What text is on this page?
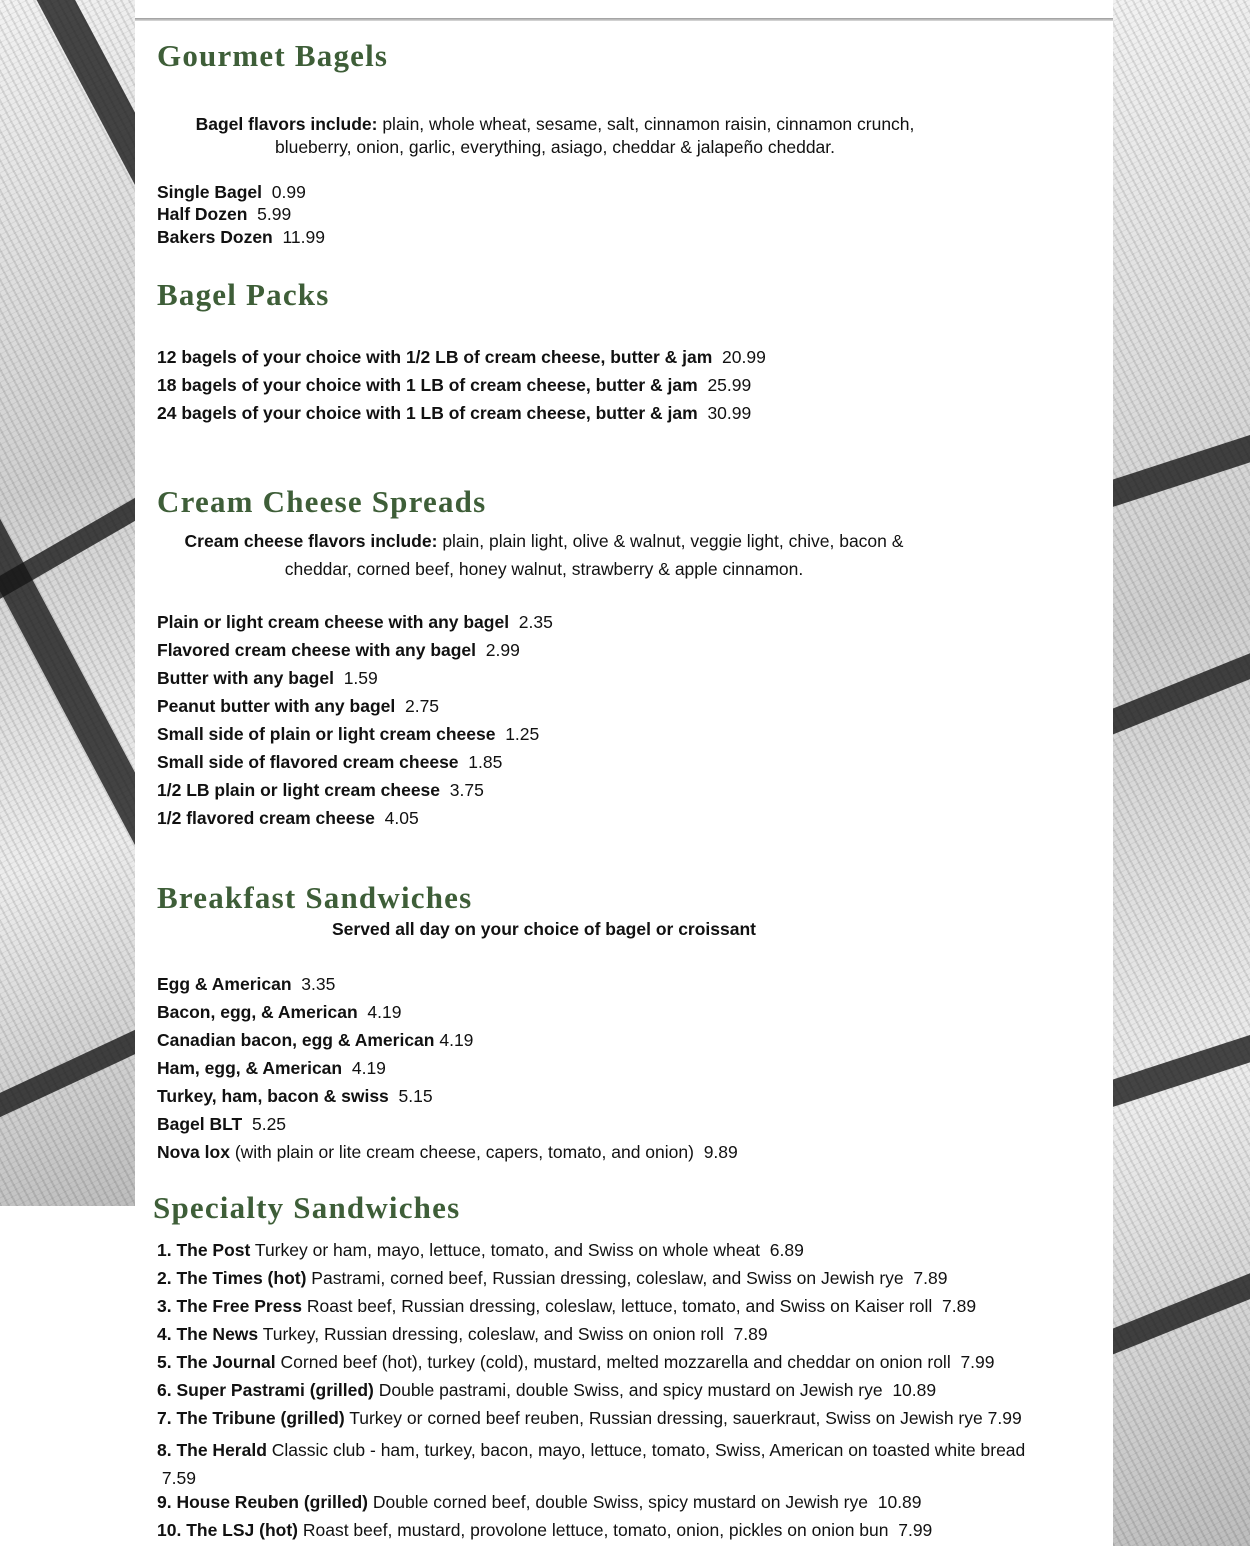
Gourmet Bagels
Bagel flavors include: plain, whole wheat, sesame, salt, cinnamon raisin, cinnamon crunch,
blueberry, onion, garlic, everything, asiago, cheddar & jalapeño cheddar.
Single Bagel 0.99
Half Dozen 5.99
Bakers Dozen 11.99
Bagel Packs
12 bagels of your choice with 1/2 LB of cream cheese, butter & jam 20.99
18 bagels of your choice with 1 LB of cream cheese, butter & jam 25.99
24 bagels of your choice with 1 LB of cream cheese, butter & jam 30.99
Cream Cheese Spreads
Cream cheese flavors include: plain, plain light, olive & walnut, veggie light, chive, bacon &
cheddar, corned beef, honey walnut, strawberry & apple cinnamon.
Plain or light cream cheese with any bagel 2.35
Flavored cream cheese with any bagel 2.99
Butter with any bagel 1.59
Peanut butter with any bagel 2.75
Small side of plain or light cream cheese 1.25
Small side of flavored cream cheese 1.85
1/2 LB plain or light cream cheese 3.75
1/2 flavored cream cheese 4.05
Breakfast Sandwiches
Served all day on your choice of bagel or croissant
Egg & American 3.35
Bacon, egg, & American 4.19
Canadian bacon, egg & American 4.19
Ham, egg, & American 4.19
Turkey, ham, bacon & swiss 5.15
Bagel BLT 5.25
Nova lox (with plain or lite cream cheese, capers, tomato, and onion) 9.89
Specialty Sandwiches
1. The Post Turkey or ham, mayo, lettuce, tomato, and Swiss on whole wheat 6.89
2. The Times (hot) Pastrami, corned beef, Russian dressing, coleslaw, and Swiss on Jewish rye 7.89
3. The Free Press Roast beef, Russian dressing, coleslaw, lettuce, tomato, and Swiss on Kaiser roll 7.89
4. The News Turkey, Russian dressing, coleslaw, and Swiss on onion roll 7.89
5. The Journal Corned beef (hot), turkey (cold), mustard, melted mozzarella and cheddar on onion roll 7.99
6. Super Pastrami (grilled) Double pastrami, double Swiss, and spicy mustard on Jewish rye 10.89
7. The Tribune (grilled) Turkey or corned beef reuben, Russian dressing, sauerkraut, Swiss on Jewish rye 7.99
8. The Herald Classic club - ham, turkey, bacon, mayo, lettuce, tomato, Swiss, American on toasted white bread
7.59
9. House Reuben (grilled) Double corned beef, double Swiss, spicy mustard on Jewish rye 10.89
10. The LSJ (hot) Roast beef, mustard, provolone lettuce, tomato, onion, pickles on onion bun 7.99
